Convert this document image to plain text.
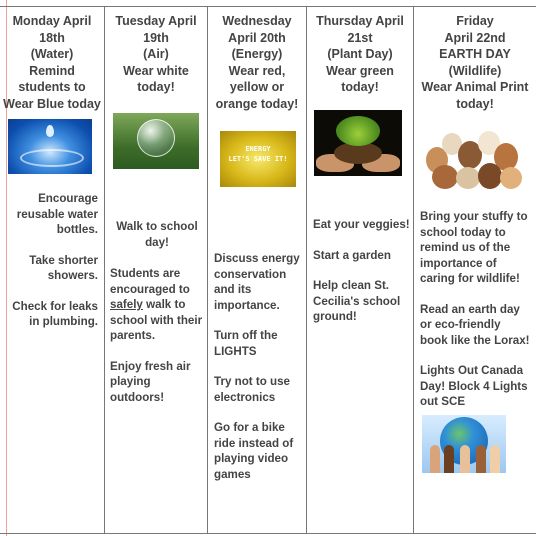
Monday April
18th
(Water)
Remind
students to
Wear Blue today

Encourage reusable water bottles.

Take shorter showers.

Check for leaks in plumbing.

Tuesday April
19th
(Air)
Wear white
today!

Walk to school day!

Students are encouraged to safely walk to school with their parents.

Enjoy fresh air playing outdoors!

Wednesday
April 20th
(Energy)
Wear red,
yellow or
orange today!
ENERGY
LET'S SAVE IT!

Discuss energy conservation and its importance.

Turn off the LIGHTS

Try not to use electronics

Go for a bike ride instead of playing video games

Thursday April
21st
(Plant Day)
Wear green
today!

Eat your veggies!

Start a garden

Help clean St. Cecilia's school ground!

Friday
April 22nd
EARTH DAY
(Wildlife)
Wear Animal Print
today!

Bring your stuffy to school today to remind us of the importance of caring for wildlife!

Read an earth day or eco-friendly book like the Lorax!

Lights Out Canada Day! Block 4 Lights out SCE
